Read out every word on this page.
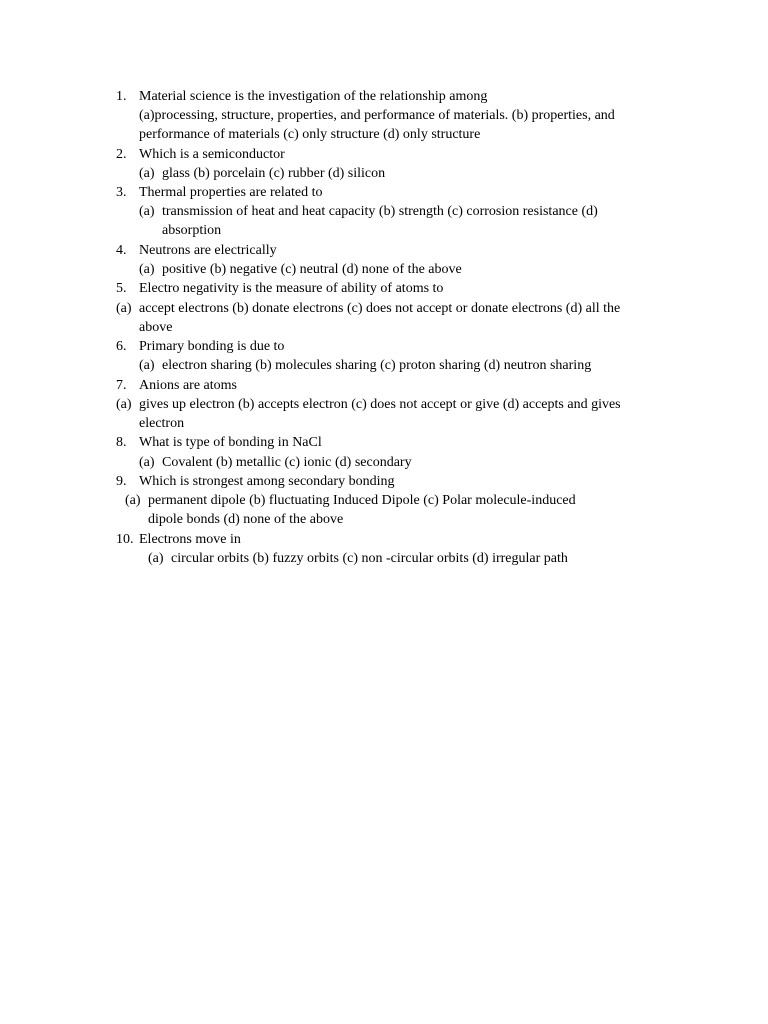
1. Material science is the investigation of the relationship among
(a)processing, structure, properties, and performance of materials. (b) properties, and
performance of materials (c) only structure (d) only structure
2. Which is a semiconductor
(a) glass (b) porcelain (c) rubber (d) silicon
3. Thermal properties are related to
(a) transmission of heat and heat capacity (b) strength (c) corrosion resistance (d)
absorption
4. Neutrons are electrically
(a) positive (b) negative (c) neutral (d) none of the above
5. Electro negativity is the measure of ability of atoms to
(a) accept electrons (b) donate electrons (c) does not accept or donate electrons (d) all the
above
6. Primary bonding is due to
(a) electron sharing (b) molecules sharing (c) proton sharing (d) neutron sharing
7. Anions are atoms
(a) gives up electron (b) accepts electron (c) does not accept or give (d) accepts and gives
electron
8. What is type of bonding in NaCl
(a) Covalent (b) metallic (c) ionic (d) secondary
9. Which is strongest among secondary bonding
(a) permanent dipole (b) fluctuating Induced Dipole (c) Polar molecule-induced
dipole bonds (d) none of the above
10. Electrons move in
(a) circular orbits (b) fuzzy orbits (c) non -circular orbits (d) irregular path
